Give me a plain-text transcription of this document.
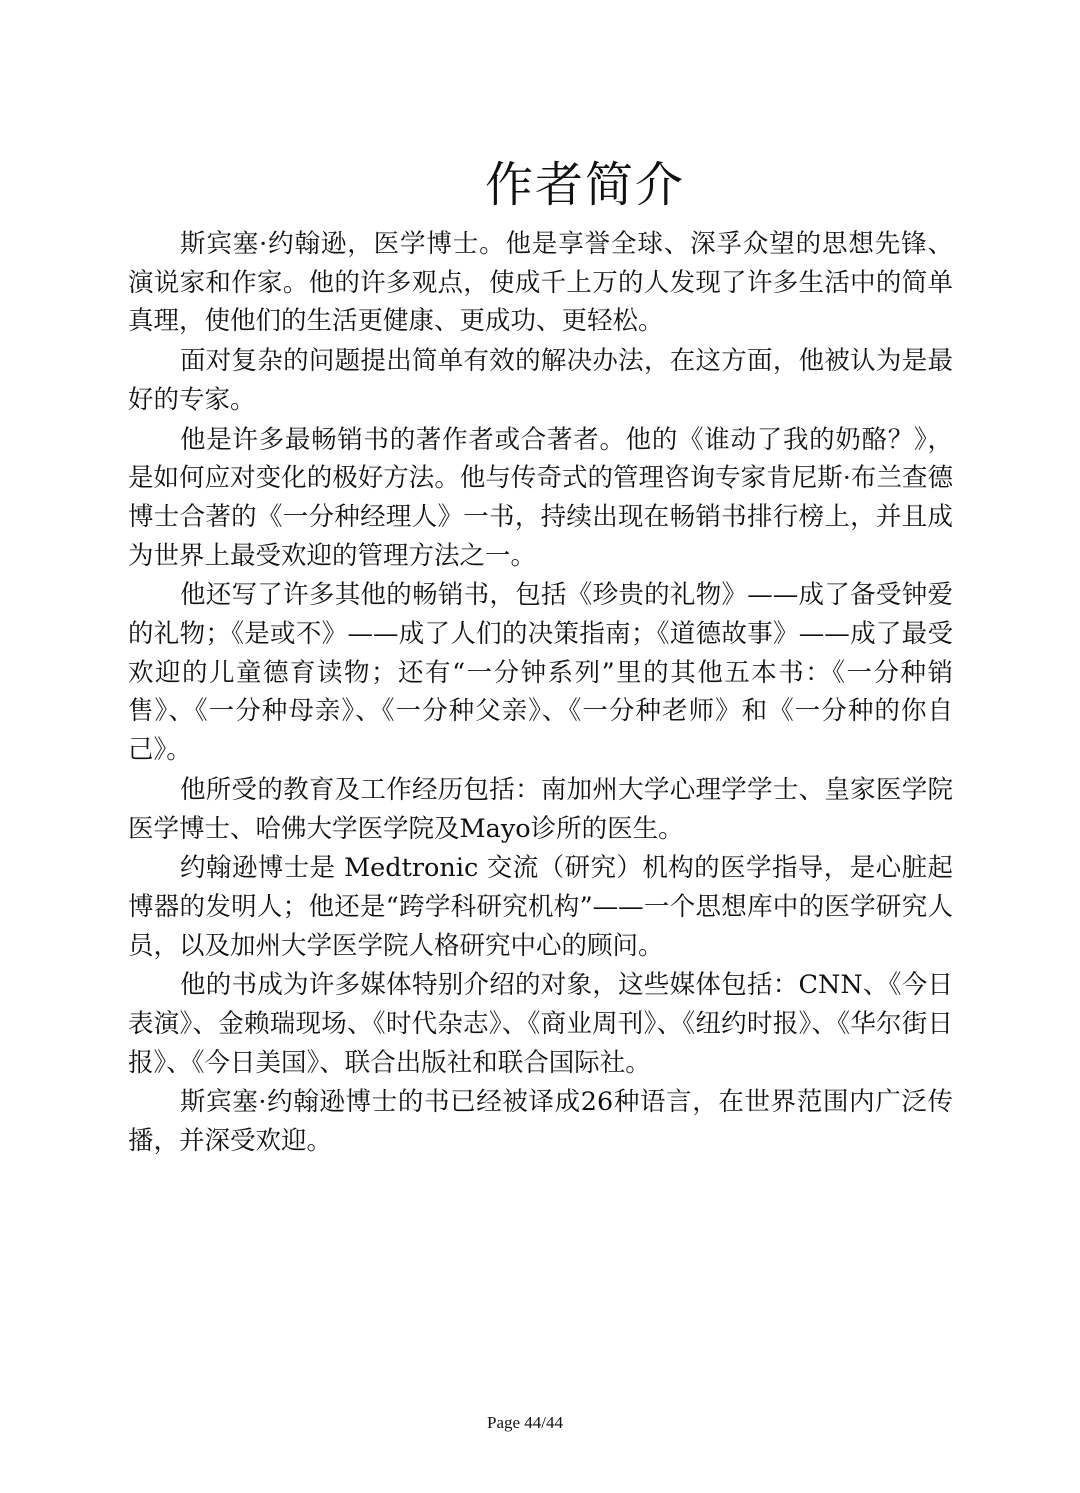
作者简介

斯宾塞·约翰逊，医学博士。他是享誉全球、深孚众望的思想先锋、演说家和作家。他的许多观点，使成千上万的人发现了许多生活中的简单真理，使他们的生活更健康、更成功、更轻松。

面对复杂的问题提出简单有效的解决办法，在这方面，他被认为是最好的专家。

他是许多最畅销书的著作者或合著者。他的《谁动了我的奶酪？》，是如何应对变化的极好方法。他与传奇式的管理咨询专家肯尼斯·布兰查德博士合著的《一分种经理人》一书，持续出现在畅销书排行榜上，并且成为世界上最受欢迎的管理方法之一。

他还写了许多其他的畅销书，包括《珍贵的礼物》——成了备受钟爱的礼物；《是或不》——成了人们的决策指南；《道德故事》——成了最受欢迎的儿童德育读物；还有“一分钟系列”里的其他五本书：《一分种销售》、《一分种母亲》、《一分种父亲》、《一分种老师》和《一分种的你自己》。

他所受的教育及工作经历包括：南加州大学心理学学士、皇家医学院医学博士、哈佛大学医学院及Mayo诊所的医生。

约翰逊博士是 Medtronic 交流（研究）机构的医学指导，是心脏起博器的发明人；他还是“跨学科研究机构”——一个思想库中的医学研究人员，以及加州大学医学院人格研究中心的顾问。

他的书成为许多媒体特别介绍的对象，这些媒体包括：CNN、《今日表演》、金赖瑞现场、《时代杂志》、《商业周刊》、《纽约时报》、《华尔街日报》、《今日美国》、联合出版社和联合国际社。

斯宾塞·约翰逊博士的书已经被译成26种语言，在世界范围内广泛传播，并深受欢迎。

Page 44/44
